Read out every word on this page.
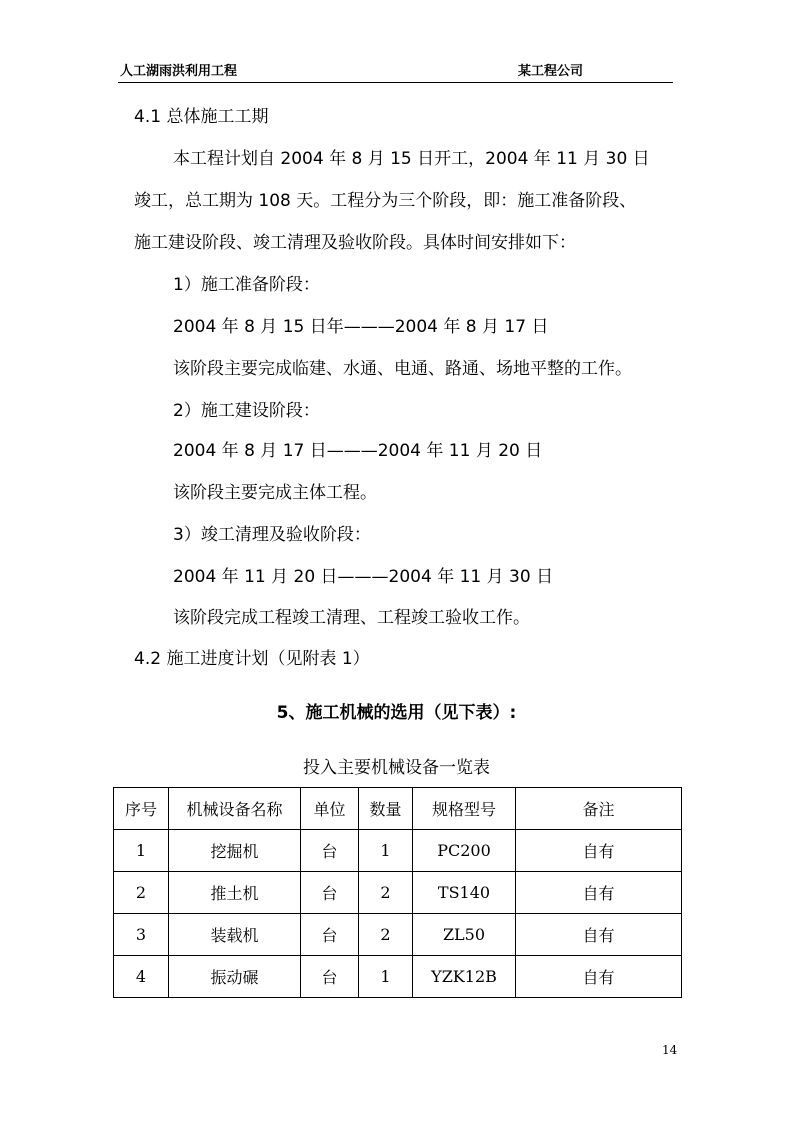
人工湖雨洪利用工程	某工程公司
4.1 总体施工工期
本工程计划自 2004 年 8 月 15 日开工，2004 年 11 月 30 日
竣工，总工期为 108 天。工程分为三个阶段，即：施工准备阶段、
施工建设阶段、竣工清理及验收阶段。具体时间安排如下：
1）施工准备阶段：
2004 年 8 月 15 日年———2004 年 8 月 17 日
该阶段主要完成临建、水通、电通、路通、场地平整的工作。
2）施工建设阶段：
2004 年 8 月 17 日———2004 年 11 月 20 日
该阶段主要完成主体工程。
3）竣工清理及验收阶段：
2004 年 11 月 20 日———2004 年 11 月 30 日
该阶段完成工程竣工清理、工程竣工验收工作。
4.2 施工进度计划（见附表 1）
5、施工机械的选用（见下表）:
投入主要机械设备一览表
序号	机械设备名称	单位	数量	规格型号	备注
1	挖掘机	台	1	PC200	自有
2	推土机	台	2	TS140	自有
3	装载机	台	2	ZL50	自有
4	振动碾	台	1	YZK12B	自有
14
